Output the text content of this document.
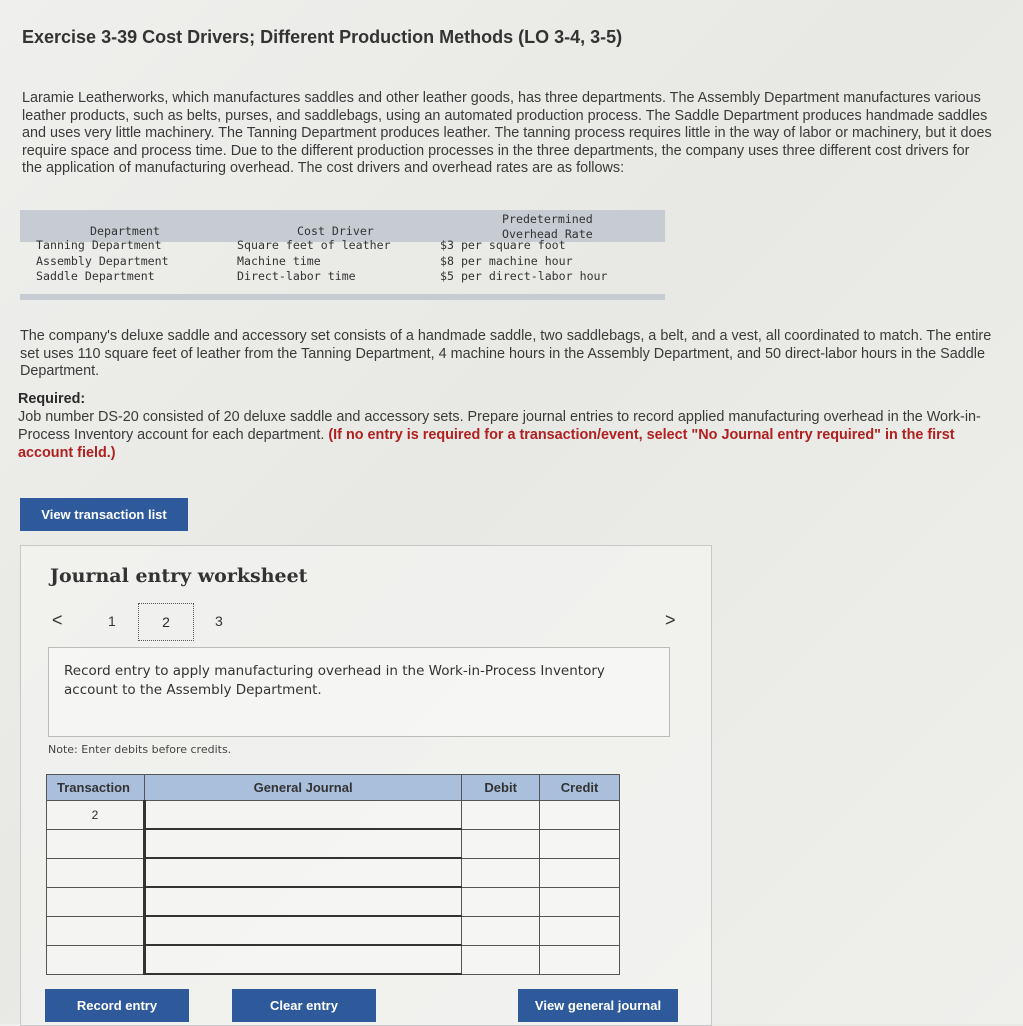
Exercise 3-39 Cost Drivers; Different Production Methods (LO 3-4, 3-5)
Laramie Leatherworks, which manufactures saddles and other leather goods, has three departments. The Assembly Department manufactures various leather products, such as belts, purses, and saddlebags, using an automated production process. The Saddle Department produces handmade saddles and uses very little machinery. The Tanning Department produces leather. The tanning process requires little in the way of labor or machinery, but it does require space and process time. Due to the different production processes in the three departments, the company uses three different cost drivers for the application of manufacturing overhead. The cost drivers and overhead rates are as follows:
Department	Cost Driver
Predetermined
Overhead Rate
Tanning Department	Square feet of leather	$3 per square foot
Assembly Department	Machine time	$8 per machine hour
Saddle Department	Direct-labor time	$5 per direct-labor hour
The company's deluxe saddle and accessory set consists of a handmade saddle, two saddlebags, a belt, and a vest, all coordinated to match. The entire set uses 110 square feet of leather from the Tanning Department, 4 machine hours in the Assembly Department, and 50 direct-labor hours in the Saddle Department.
Required:
Job number DS-20 consisted of 20 deluxe saddle and accessory sets. Prepare journal entries to record applied manufacturing overhead in the Work-in-Process Inventory account for each department. (If no entry is required for a transaction/event, select "No Journal entry required" in the first account field.)
View transaction list
Journal entry worksheet
<	1	2	3	>
Record entry to apply manufacturing overhead in the Work-in-Process Inventory account to the Assembly Department.
Note: Enter debits before credits.
Transaction	General Journal	Debit	Credit
2			

Record entry	Clear entry	View general journal
